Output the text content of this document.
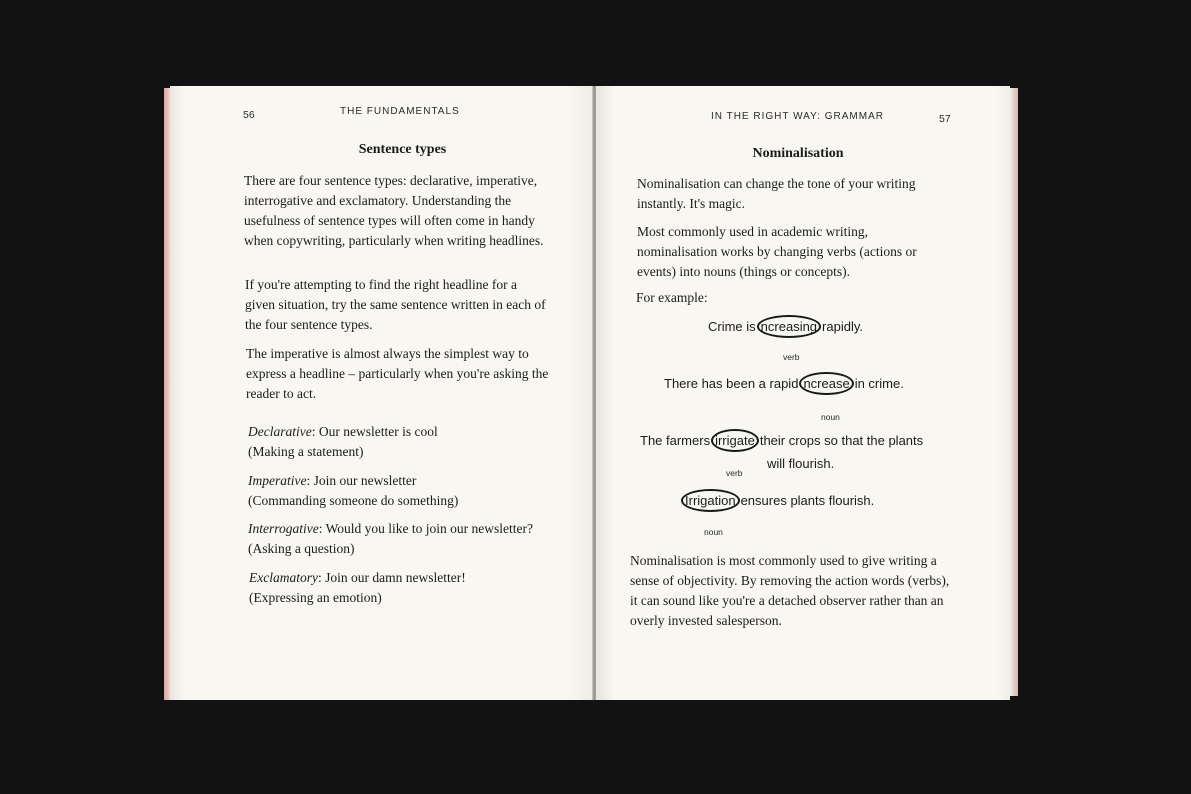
56	THE FUNDAMENTALS
Sentence types

There are four sentence types: declarative, imperative, interrogative and exclamatory. Understanding the usefulness of sentence types will often come in handy when copywriting, particularly when writing headlines.

If you're attempting to find the right headline for a given situation, try the same sentence written in each of the four sentence types.

The imperative is almost always the simplest way to express a headline – particularly when you're asking the reader to act.

Declarative: Our newsletter is cool
(Making a statement)
Imperative: Join our newsletter
(Commanding someone do something)
Interrogative: Would you like to join our newsletter?
(Asking a question)
Exclamatory: Join our damn newsletter!
(Expressing an emotion)
IN THE RIGHT WAY: GRAMMAR	57
Nominalisation

Nominalisation can change the tone of your writing instantly. It's magic.

Most commonly used in academic writing, nominalisation works by changing verbs (actions or events) into nouns (things or concepts).

For example:

Crime is ncreasing rapidly.
verb
There has been a rapid ncrease in crime.
noun
The farmers irrigate their crops so that the plants
will flourish.
verb
Irrigation ensures plants flourish.
noun

Nominalisation is most commonly used to give writing a sense of objectivity. By removing the action words (verbs), it can sound like you're a detached observer rather than an overly invested salesperson.
